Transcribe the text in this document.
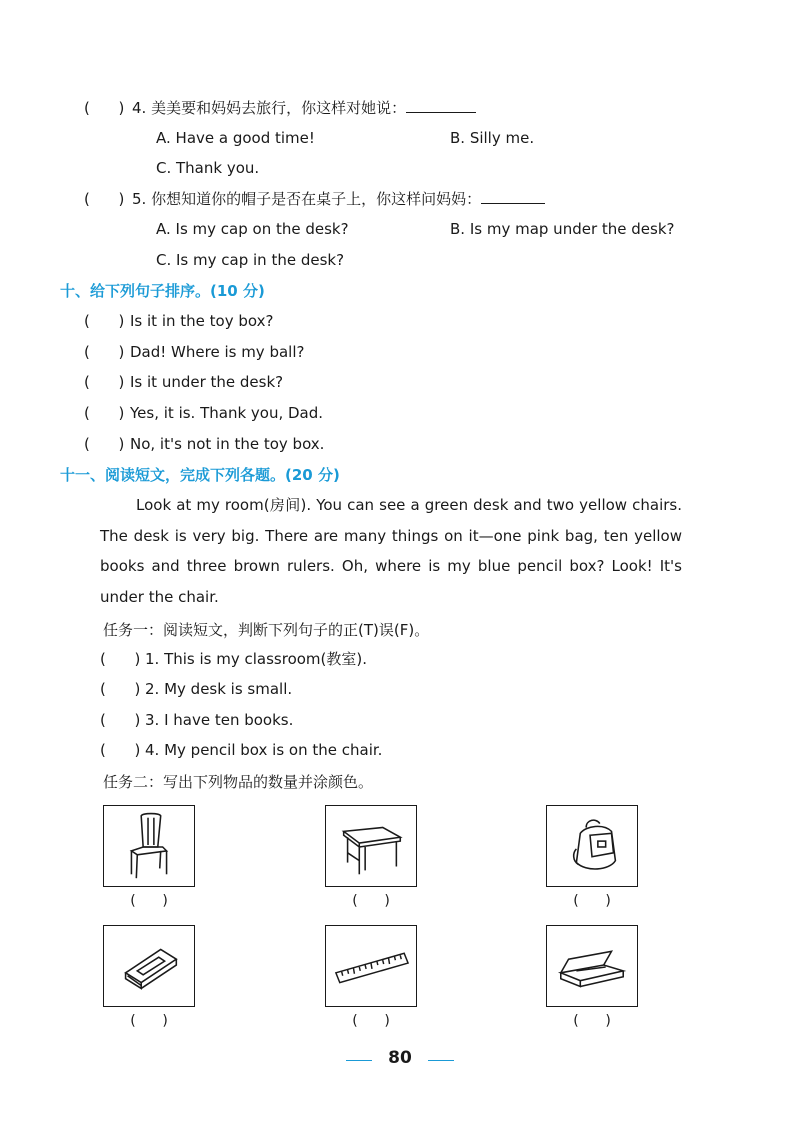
(      ) 4. 美美要和妈妈去旅行，你这样对她说：
A. Have a good time!	B. Silly me.
C. Thank you.
(      ) 5. 你想知道你的帽子是否在桌子上，你这样问妈妈：
A. Is my cap on the desk?	B. Is my map under the desk?
C. Is my cap in the desk?
十、给下列句子排序。(10 分)
(      ) Is it in the toy box?
(      ) Dad! Where is my ball?
(      ) Is it under the desk?
(      ) Yes, it is. Thank you, Dad.
(      ) No, it's not in the toy box.
十一、阅读短文，完成下列各题。(20 分)
Look at my room(房间). You can see a green desk and two yellow chairs. The desk is very big. There are many things on it—one pink bag, ten yellow books and three brown rulers. Oh, where is my blue pencil box? Look! It's under the chair.
任务一：阅读短文，判断下列句子的正(T)误(F)。
(      ) 1. This is my classroom(教室).
(      ) 2. My desk is small.
(      ) 3. I have ten books.
(      ) 4. My pencil box is on the chair.
任务二：写出下列物品的数量并涂颜色。
(      )	(      )	(      )
(      )	(      )	(      )
80
